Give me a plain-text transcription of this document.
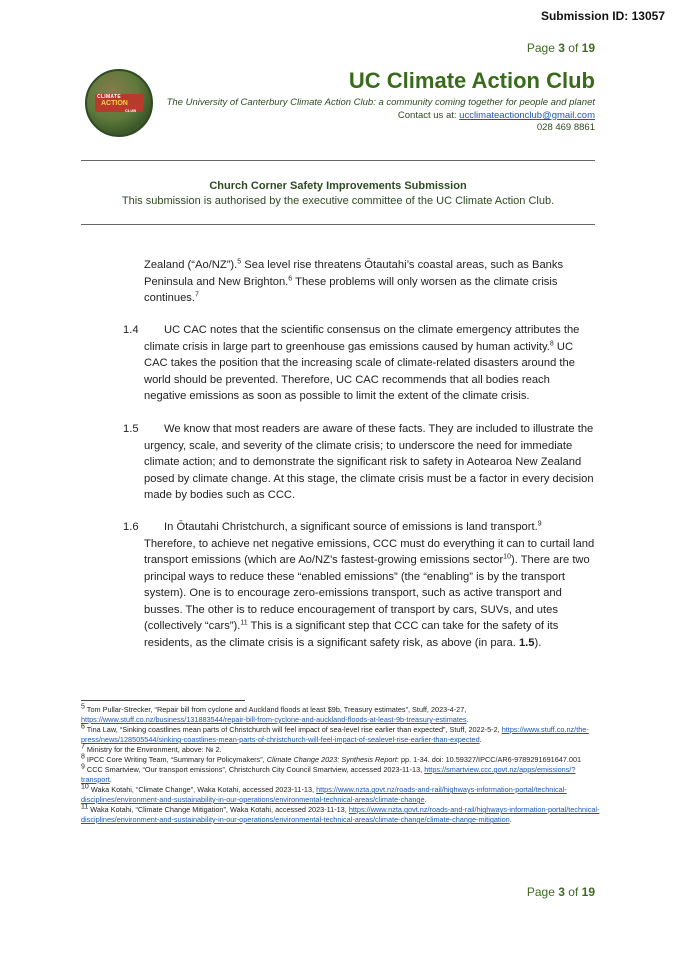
Submission ID: 13057
Page 3 of 19
CLIMATE
ACTION
CLUB
UC Climate Action Club
The University of Canterbury Climate Action Club: a community coming together for people and planet
Contact us at: ucclimateactionclub@gmail.com
028 469 8861
Church Corner Safety Improvements Submission
This submission is authorised by the executive committee of the UC Climate Action Club.
Zealand (“Ao/NZ”).$^5$ Sea level rise threatens Ōtautahi’s coastal areas, such as Banks Peninsula and New Brighton.$^6$ These problems will only worsen as the climate crisis continues.$^7$
1.4	UC CAC notes that the scientific consensus on the climate emergency attributes the climate crisis in large part to greenhouse gas emissions caused by human activity.$^8$ UC CAC takes the position that the increasing scale of climate-related disasters around the world should be prevented. Therefore, UC CAC recommends that all bodies reach negative emissions as soon as possible to limit the extent of the climate crisis.
1.5	We know that most readers are aware of these facts. They are included to illustrate the urgency, scale, and severity of the climate crisis; to underscore the need for immediate climate action; and to demonstrate the significant risk to safety in Aotearoa New Zealand posed by climate change. At this stage, the climate crisis must be a factor in every decision made by bodies such as CCC.
1.6	In Ōtautahi Christchurch, a significant source of emissions is land transport.$^9$ Therefore, to achieve net negative emissions, CCC must do everything it can to curtail land transport emissions (which are Ao/NZ’s fastest-growing emissions sector$^{10}$). There are two principal ways to reduce these “enabled emissions” (the “enabling” is by the transport system). One is to encourage zero-emissions transport, such as active transport and busses. The other is to reduce encouragement of transport by cars, SUVs, and utes (collectively “cars”).$^{11}$ This is a significant step that CCC can take for the safety of its residents, as the climate crisis is a significant safety risk, as above (in para. 1.5).
$^5$ Tom Pullar-Strecker, “Repair bill from cyclone and Auckland floods at least $9b, Treasury estimates”, Stuff, 2023-4-27, https://www.stuff.co.nz/business/131883544/repair-bill-from-cyclone-and-auckland-floods-at-least-9b-treasury-estimates.
$^6$ Tina Law, “Sinking coastlines mean parts of Christchurch will feel impact of sea-level rise earlier than expected”, Stuff, 2022-5-2, https://www.stuff.co.nz/the-press/news/128505544/sinking-coastlines-mean-parts-of-christchurch-will-feel-impact-of-sealevel-rise-earlier-than-expected.
$^7$ Ministry for the Environment, above: № 2.
$^8$ IPCC Core Writing Team, “Summary for Policymakers”, Climate Change 2023: Synthesis Report: pp. 1-34. doi: 10.59327/IPCC/AR6-9789291691647.001
$^9$ CCC Smartview, “Our transport emissions”, Christchurch City Council Smartview, accessed 2023-11-13, https://smartview.ccc.govt.nz/apps/emissions/?transport.
$^{10}$ Waka Kotahi, “Climate Change”, Waka Kotahi, accessed 2023-11-13, https://www.nzta.govt.nz/roads-and-rail/highways-information-portal/technical-disciplines/environment-and-sustainability-in-our-operations/environmental-technical-areas/climate-change.
$^{11}$ Waka Kotahi, “Climate Change Mitigation”, Waka Kotahi, accessed 2023-11-13, https://www.nzta.govt.nz/roads-and-rail/highways-information-portal/technical-disciplines/environment-and-sustainability-in-our-operations/environmental-technical-areas/climate-change/climate-change-mitigation.
Page 3 of 19
